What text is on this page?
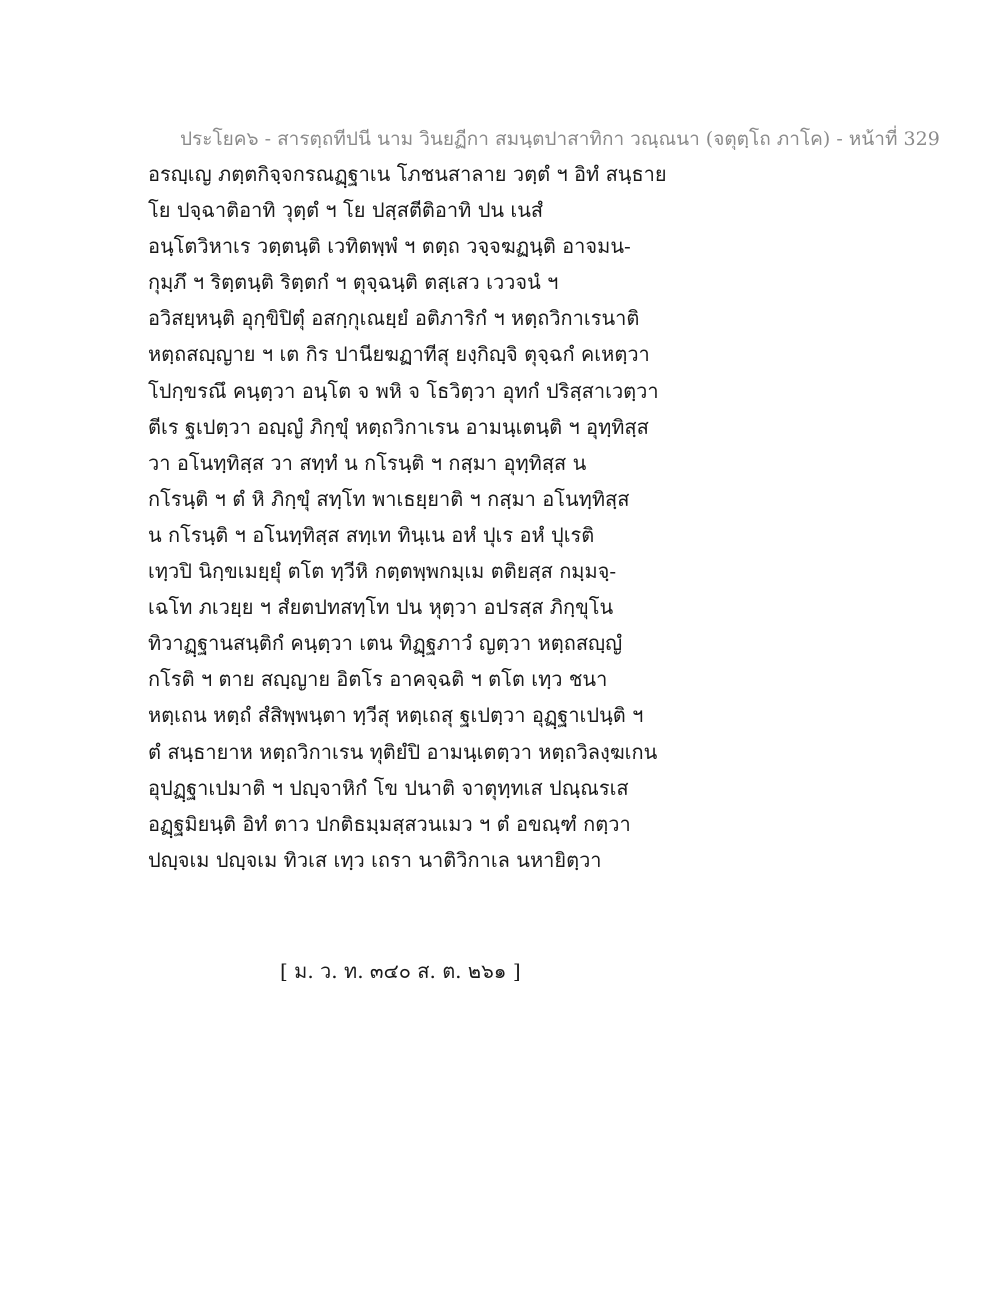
ประโยค๖ - สารตฺถทีปนี นาม วินยฏีกา สมนฺตปาสาทิกา วณฺณนา (จตุตฺโถ ภาโค) - หน้าที่ 329
อรญฺเญ ภตฺตกิจฺจกรณฏฺฐาเน โภชนสาลาย วตฺตํ ฯ อิทํ สนฺธาย
โย ปจฺฉาติอาทิ วุตฺตํ ฯ โย ปสฺสตีติอาทิ ปน เนสํ
อนฺโตวิหาเร วตฺตนฺติ เวทิตพฺพํ ฯ ตตฺถ วจฺจฆฏนฺติ อาจมน-
กุมฺภึ ฯ ริตฺตนฺติ ริตฺตกํ ฯ ตุจฺฉนฺติ ตสฺเสว เววจนํ ฯ
อวิสยฺหนฺติ อุกฺขิปิตุํ อสกฺกุเณยฺยํ อติภาริกํ ฯ หตฺถวิกาเรนาติ
หตฺถสญฺญาย ฯ เต กิร ปานียฆฏาทีสุ ยงฺกิญฺจิ ตุจฺฉกํ คเหตฺวา
โปกฺขรณึ คนฺตฺวา อนฺโต จ พหิ จ โธวิตฺวา อุทกํ ปริสฺสาเวตฺวา
ตีเร ฐเปตฺวา อญฺญํ ภิกฺขุํ หตฺถวิกาเรน อามนฺเตนฺติ ฯ อุทฺทิสฺส
วา อโนทฺทิสฺส วา สทฺทํ น กโรนฺติ ฯ กสฺมา อุทฺทิสฺส น
กโรนฺติ ฯ ตํ หิ ภิกฺขุํ สทฺโท พาเธยฺยาติ ฯ กสฺมา อโนทฺทิสฺส
น กโรนฺติ ฯ อโนทฺทิสฺส สทฺเท ทินฺเน อหํ ปุเร อหํ ปุเรติ
เทฺวปิ นิกฺขเมยฺยุํ ตโต ทฺวีหิ กตฺตพฺพกมฺเม ตติยสฺส กมฺมจฺ-
เฉโท ภเวยฺย ฯ สํยตปทสทฺโท ปน หุตฺวา อปรสฺส ภิกฺขุโน
ทิวาฏฺฐานสนฺติกํ คนฺตฺวา เตน ทิฏฺฐภาวํ ญตฺวา หตฺถสญฺญํ
กโรติ ฯ ตาย สญฺญาย อิตโร อาคจฺฉติ ฯ ตโต เทฺว ชนา
หตฺเถน หตฺถํ สํสิพฺพนฺตา ทฺวีสุ หตฺเถสุ ฐเปตฺวา อุฏฺฐาเปนฺติ ฯ
ตํ สนฺธายาห หตฺถวิกาเรน ทุติยํปิ อามนฺเตตฺวา หตฺถวิลงฺฆเกน
อุปฏฺฐาเปมาติ ฯ ปญฺจาหิกํ โข ปนาติ จาตุทฺทเส ปณฺณรเส
อฏฺฐมิยนฺติ อิทํ ตาว ปกติธมฺมสฺสวนเมว ฯ ตํ อขณฺฑํ กตฺวา
ปญฺจเม ปญฺจเม ทิวเส เทฺว เถรา นาติวิกาเล นหายิตฺวา
[ ม. ว. ท. ๓๔๐ ส. ต. ๒๖๑ ]
